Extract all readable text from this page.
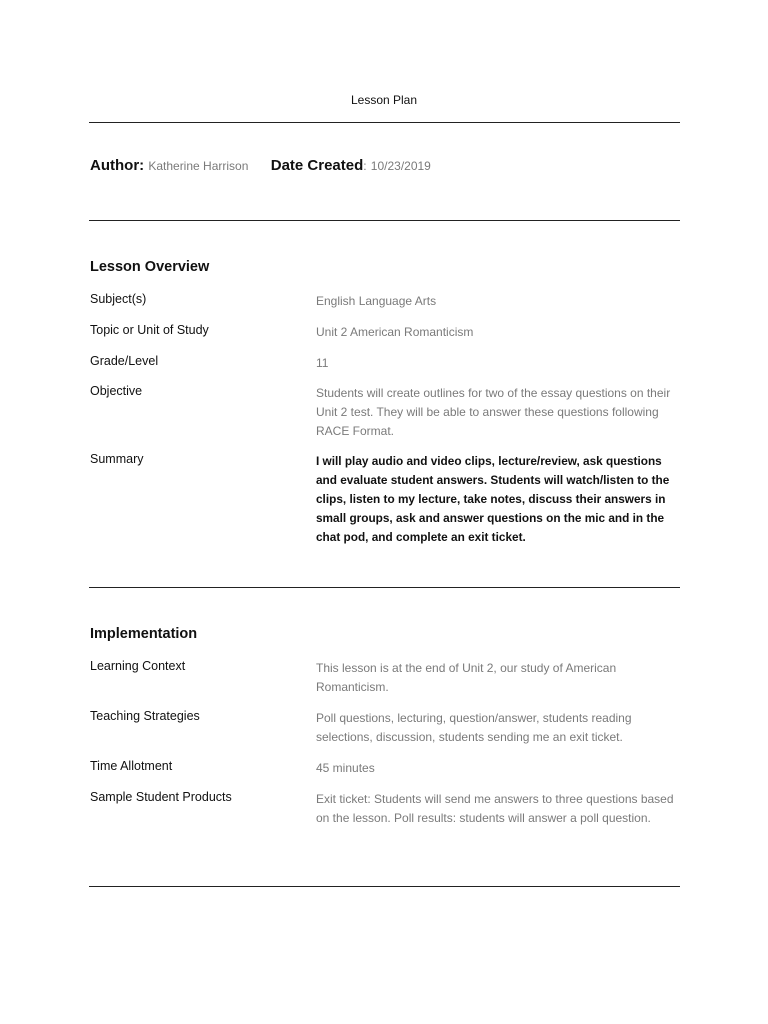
Lesson Plan
Author: Katherine Harrison Date Created: 10/23/2019
Lesson Overview
Subject(s)	English Language Arts
Topic or Unit of Study	Unit 2 American Romanticism
Grade/Level	11
Objective	Students will create outlines for two of the essay questions on their Unit 2 test. They will be able to answer these questions following RACE Format.
Summary	I will play audio and video clips, lecture/review, ask questions and evaluate student answers. Students will watch/listen to the clips, listen to my lecture, take notes, discuss their answers in small groups, ask and answer questions on the mic and in the chat pod, and complete an exit ticket.
Implementation
Learning Context	This lesson is at the end of Unit 2, our study of American Romanticism.
Teaching Strategies	Poll questions, lecturing, question/answer, students reading selections, discussion, students sending me an exit ticket.
Time Allotment	45 minutes
Sample Student Products	Exit ticket: Students will send me answers to three questions based on the lesson. Poll results: students will answer a poll question.
